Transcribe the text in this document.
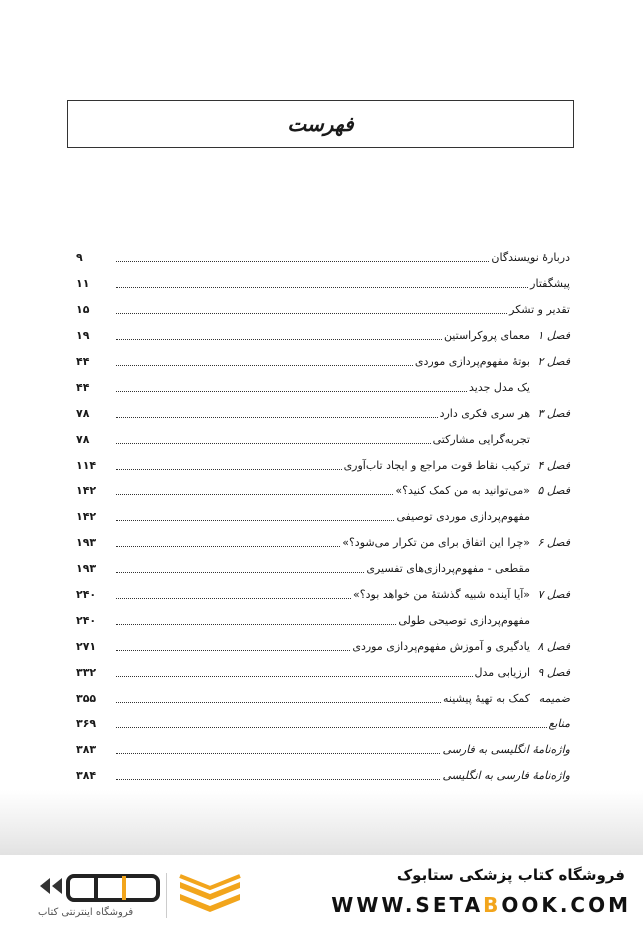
فهرست
دربارهٔ نویسندگان
۹
پیشگفتار
۱۱
تقدیر و تشکر
۱۵
فصل ۱
معمای پروکراستین
۱۹
فصل ۲
بوتهٔ مفهوم‌پردازی موردی
۴۴
یک مدل جدید
۴۴
فصل ۳
هر سری فکری دارد
۷۸
تجربه‌گرایی مشارکتی
۷۸
فصل ۴
ترکیب نقاط قوت مراجع و ایجاد تاب‌آوری
۱۱۴
فصل ۵
«می‌توانید به من کمک کنید؟»
۱۴۲
مفهوم‌پردازی موردی توصیفی
۱۴۲
فصل ۶
«چرا این اتفاق برای من تکرار می‌شود؟»
۱۹۳
مقطعی - مفهوم‌پردازی‌های تفسیری
۱۹۳
فصل ۷
«آیا آینده شبیه گذشتهٔ من خواهد بود؟»
۲۴۰
مفهوم‌پردازی توصیحی طولی
۲۴۰
فصل ۸
یادگیری و آموزش مفهوم‌پردازی موردی
۲۷۱
فصل ۹
ارزیابی مدل
۳۳۲
ضمیمه
کمک به تهیهٔ پیشینه
۳۵۵
منابع
۳۶۹
واژه‌نامهٔ انگلیسی به فارسی
۳۸۳
واژه‌نامهٔ فارسی به انگلیسی
۳۸۴
فروشگاه کتاب پزشکی ستابوک
WWW.SETABOOK.COM
فروشگاه اینترنتی کتاب
